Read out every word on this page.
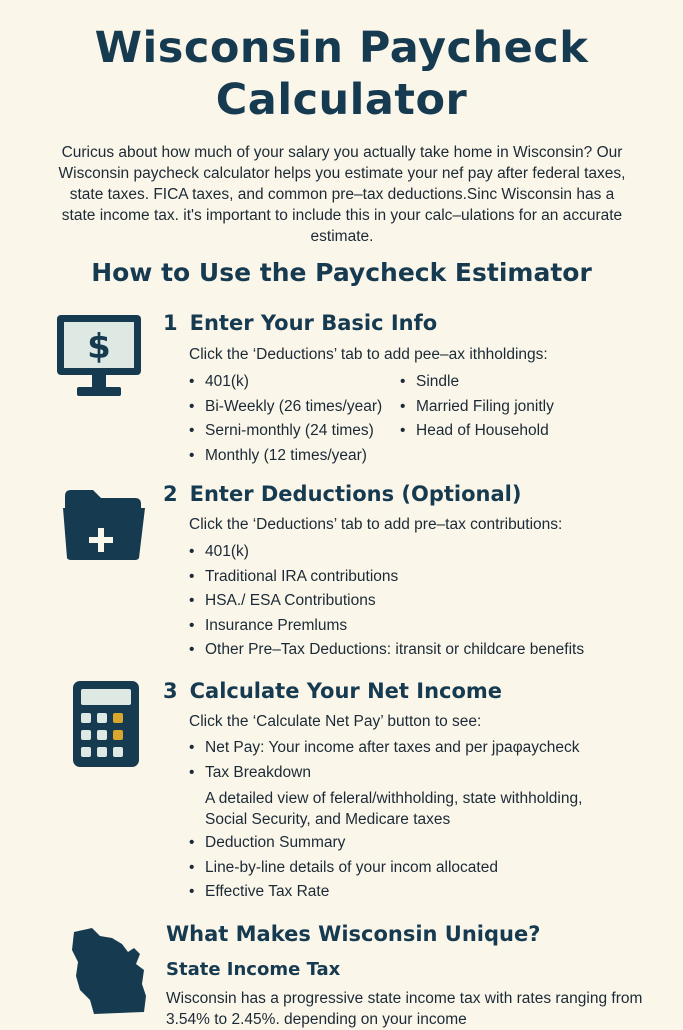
Wisconsin Paycheck
Calculator
Curicus about how much of your salary you actually take home in Wisconsin? Our Wisconsin paycheck calculator helps you estimate your nef pay after federal taxes, state taxes. FICA taxes, and common pre–tax deductions.Sinc Wisconsin has a state income tax. it's important to include this in your calc–ulations for an accurate estimate.
How to Use the Paycheck Estimator
$
1 Enter Your Basic Info
Click the ‘Deductions’ tab to add pee–ax ithholdings:
• 401(k)
• Bi-Weekly (26 times/year)
• Serni-monthly (24 times)
• Monthly (12 times/year)
• Sindle
• Married Filing jonitly
• Head of Household
2 Enter Deductions (Optional)
Click the ‘Deductions’ tab to add pre–tax contributions:
• 401(k)
• Traditional IRA contributions
• HSA./ ESA Contributions
• Insurance Premlums
• Other Pre–Tax Deductions: itransit or childcare benefits
3 Calculate Your Net Income
Click the ‘Calculate Net Pay’ button to see:
• Net Pay: Your income after taxes and per jpaφaycheck
• Tax Breakdown
A detailed view of feleral/withholding, state withholding,
Social Security, and Medicare taxes
• Deduction Summary
• Line-by-line details of your incom allocated
• Effective Tax Rate
What Makes Wisconsin Unique?
State Income Tax
Wisconsin has a progressive state income tax with rates ranging from 3.54% to 2.45%. depending on your income
